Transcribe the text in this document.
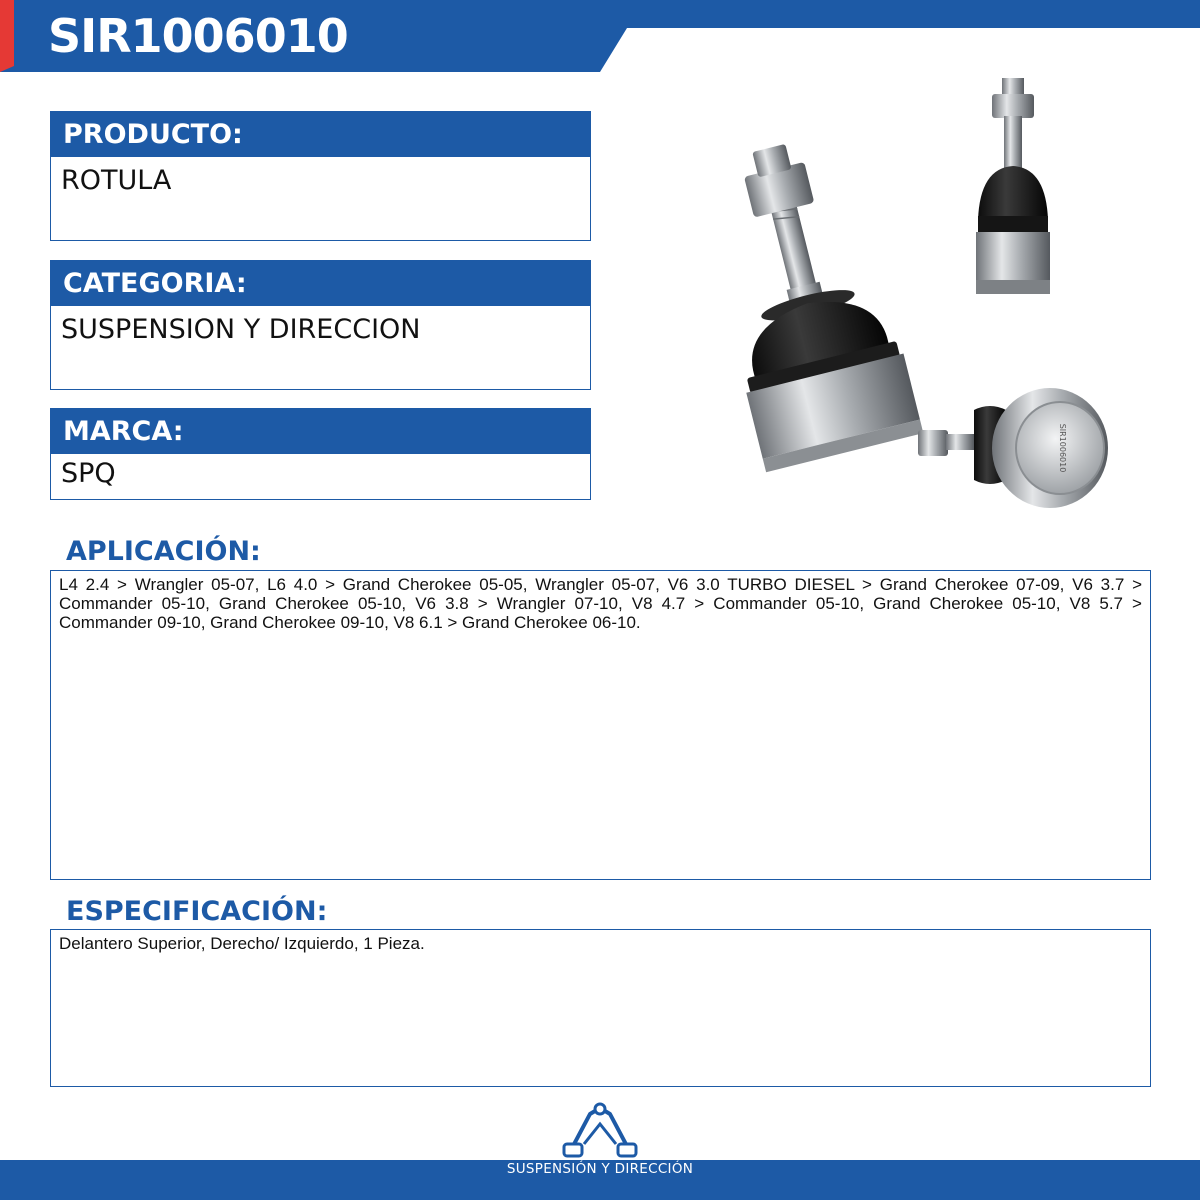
SIR1006010
PRODUCTO:
ROTULA
CATEGORIA:
SUSPENSION Y DIRECCION
MARCA:
SPQ
SIR1006010
APLICACIÓN:
L4 2.4 > Wrangler 05-07, L6 4.0 > Grand Cherokee 05-05, Wrangler 05-07, V6 3.0 TURBO DIESEL > Grand Cherokee 07-09, V6 3.7 > Commander 05-10, Grand Cherokee 05-10, V6 3.8 > Wrangler 07-10, V8 4.7 > Commander 05-10, Grand Cherokee 05-10, V8 5.7 > Commander 09-10, Grand Cherokee 09-10, V8 6.1 > Grand Cherokee 06-10.
ESPECIFICACIÓN:
Delantero Superior, Derecho/ Izquierdo, 1 Pieza.
SUSPENSIÓN Y DIRECCIÓN
